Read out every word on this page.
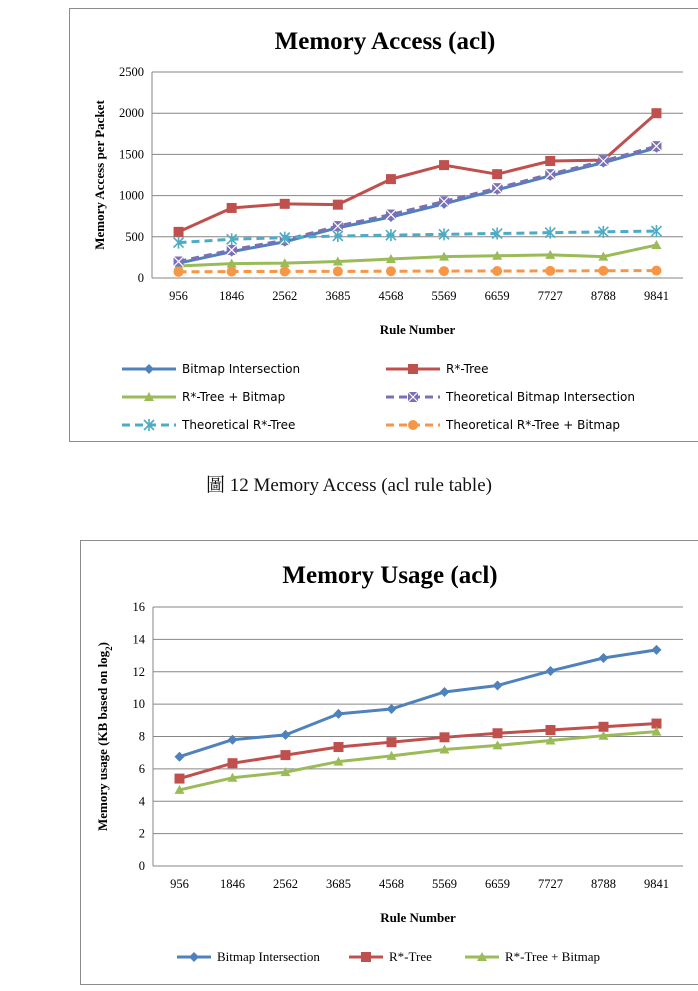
Memory Access (acl)
0
500
1000
1500
2000
2500
956 1846 2562 3685 4568 5569 6659 7727 8788 9841
Rule Number
Memory Access per Packet
Bitmap Intersection	R*-Tree
R*-Tree + Bitmap	Theoretical Bitmap Intersection
Theoretical R*-Tree	Theoretical R*-Tree + Bitmap
圖 12 Memory Access (acl rule table)
Memory Usage (acl)
0
2
4
6
8
10
12
14
16
956 1846 2562 3685 4568 5569 6659 7727 8788 9841
Rule Number
Memory usage (KB based on $\log_2$)
Bitmap Intersection	R*-Tree	R*-Tree + Bitmap
